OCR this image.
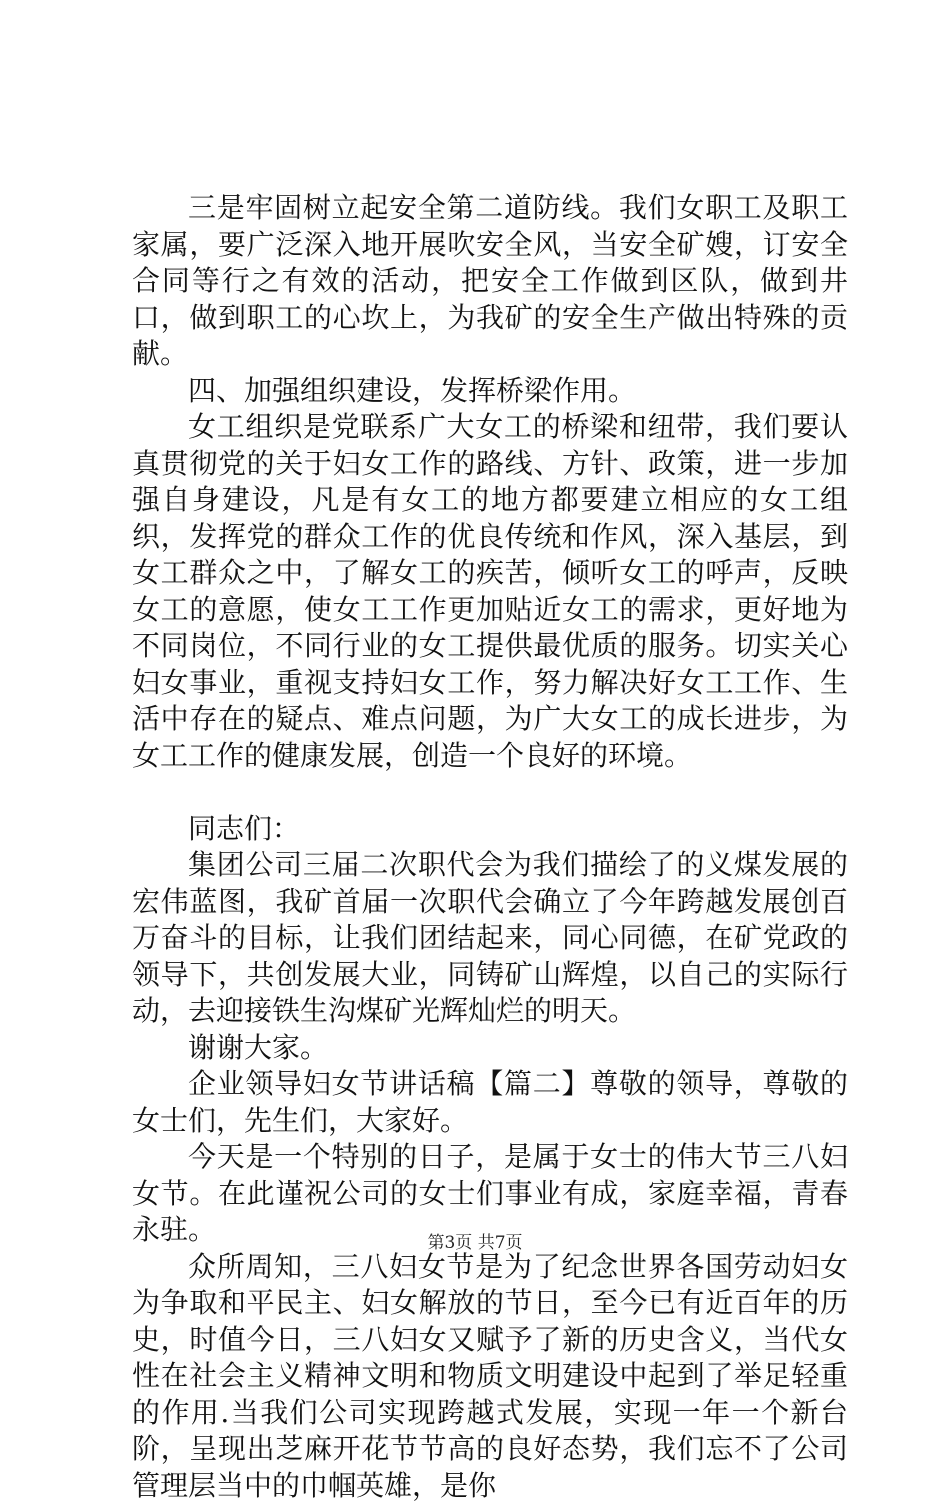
三是牢固树立起安全第二道防线。我们女职工及职工家属，要广泛深入地开展吹安全风，当安全矿嫂，订安全合同等行之有效的活动，把安全工作做到区队，做到井口，做到职工的心坎上，为我矿的安全生产做出特殊的贡献。

四、加强组织建设，发挥桥梁作用。

女工组织是党联系广大女工的桥梁和纽带，我们要认真贯彻党的关于妇女工作的路线、方针、政策，进一步加强自身建设，凡是有女工的地方都要建立相应的女工组织，发挥党的群众工作的优良传统和作风，深入基层，到女工群众之中，了解女工的疾苦，倾听女工的呼声，反映女工的意愿，使女工工作更加贴近女工的需求，更好地为不同岗位，不同行业的女工提供最优质的服务。切实关心妇女事业，重视支持妇女工作，努力解决好女工工作、生活中存在的疑点、难点问题，为广大女工的成长进步，为女工工作的健康发展，创造一个良好的环境。

同志们：

集团公司三届二次职代会为我们描绘了的义煤发展的宏伟蓝图，我矿首届一次职代会确立了今年跨越发展创百万奋斗的目标，让我们团结起来，同心同德，在矿党政的领导下，共创发展大业，同铸矿山辉煌，以自己的实际行动，去迎接铁生沟煤矿光辉灿烂的明天。

谢谢大家。

企业领导妇女节讲话稿【篇二】尊敬的领导，尊敬的女士们，先生们，大家好。

今天是一个特别的日子，是属于女士的伟大节三八妇女节。在此谨祝公司的女士们事业有成，家庭幸福，青春永驻。

众所周知，三八妇女节是为了纪念世界各国劳动妇女为争取和平民主、妇女解放的节日，至今已有近百年的历史，时值今日，三八妇女又赋予了新的历史含义，当代女性在社会主义精神文明和物质文明建设中起到了举足轻重的作用.当我们公司实现跨越式发展，实现一年一个新台阶，呈现出芝麻开花节节高的良好态势，我们忘不了公司管理层当中的巾帼英雄，是你

第3页 共7页
